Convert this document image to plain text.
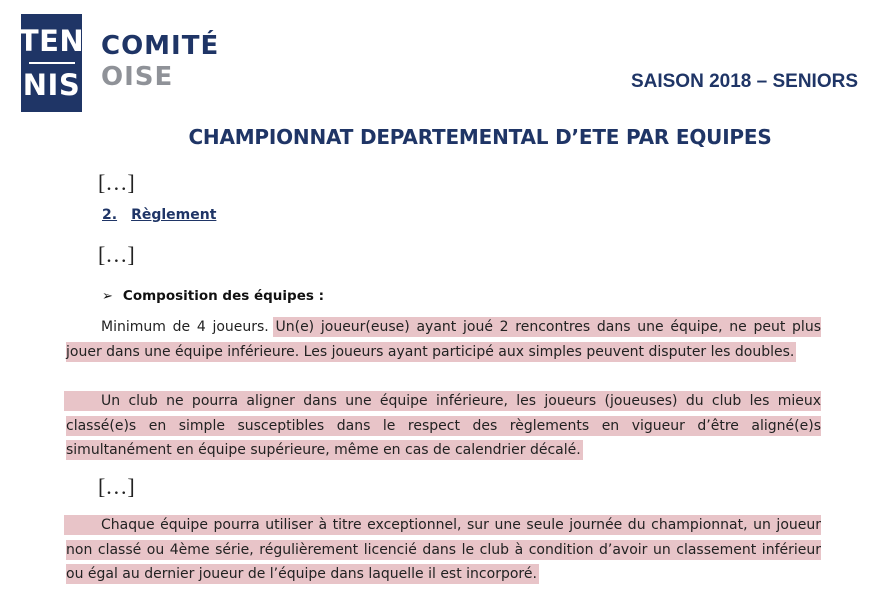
TEN
NIS
COMITÉ
OISE	SAISON 2018 – SENIORS
CHAMPIONNAT DEPARTEMENTAL D’ETE PAR EQUIPES
[…]
2. Règlement
[…]
➢ Composition des équipes :
Minimum de 4 joueurs. Un(e) joueur(euse) ayant joué 2 rencontres dans une équipe, ne peut plus jouer dans une équipe inférieure. Les joueurs ayant participé aux simples peuvent disputer les doubles.
Un club ne pourra aligner dans une équipe inférieure, les joueurs (joueuses) du club les mieux classé(e)s en simple susceptibles dans le respect des règlements en vigueur d’être aligné(e)s simultanément en équipe supérieure, même en cas de calendrier décalé.
[…]
Chaque équipe pourra utiliser à titre exceptionnel, sur une seule journée du championnat, un joueur non classé ou 4ème série, régulièrement licencié dans le club à condition d’avoir un classement inférieur ou égal au dernier joueur de l’équipe dans laquelle il est incorporé.
